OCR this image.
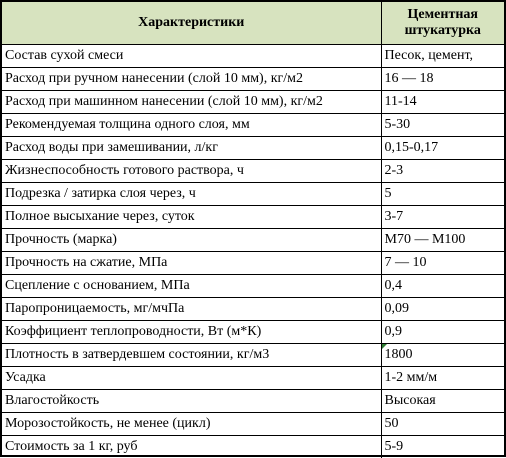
Характеристики	Цементная
штукатурка
Состав сухой смеси	Песок, цемент,
Расход при ручном нанесении (слой 10 мм), кг/м2	16 — 18
Расход при машинном нанесении (слой 10 мм), кг/м2	11-14
Рекомендуемая толщина одного слоя, мм	5-30
Расход воды при замешивании, л/кг	0,15-0,17
Жизнеспособность готового раствора, ч	2-3
Подрезка / затирка слоя через, ч	5
Полное высыхание через, суток	3-7
Прочность (марка)	М70 — М100
Прочность на сжатие, МПа	7 — 10
Сцепление с основанием, МПа	0,4
Паропроницаемость, мг/мчПа	0,09
Коэффициент теплопроводности, Вт (м*К)	0,9
Плотность в затвердевшем состоянии, кг/м3	1800
Усадка	1-2 мм/м
Влагостойкость	Высокая
Морозостойкость, не менее (цикл)	50
Стоимость за 1 кг, руб	5-9
